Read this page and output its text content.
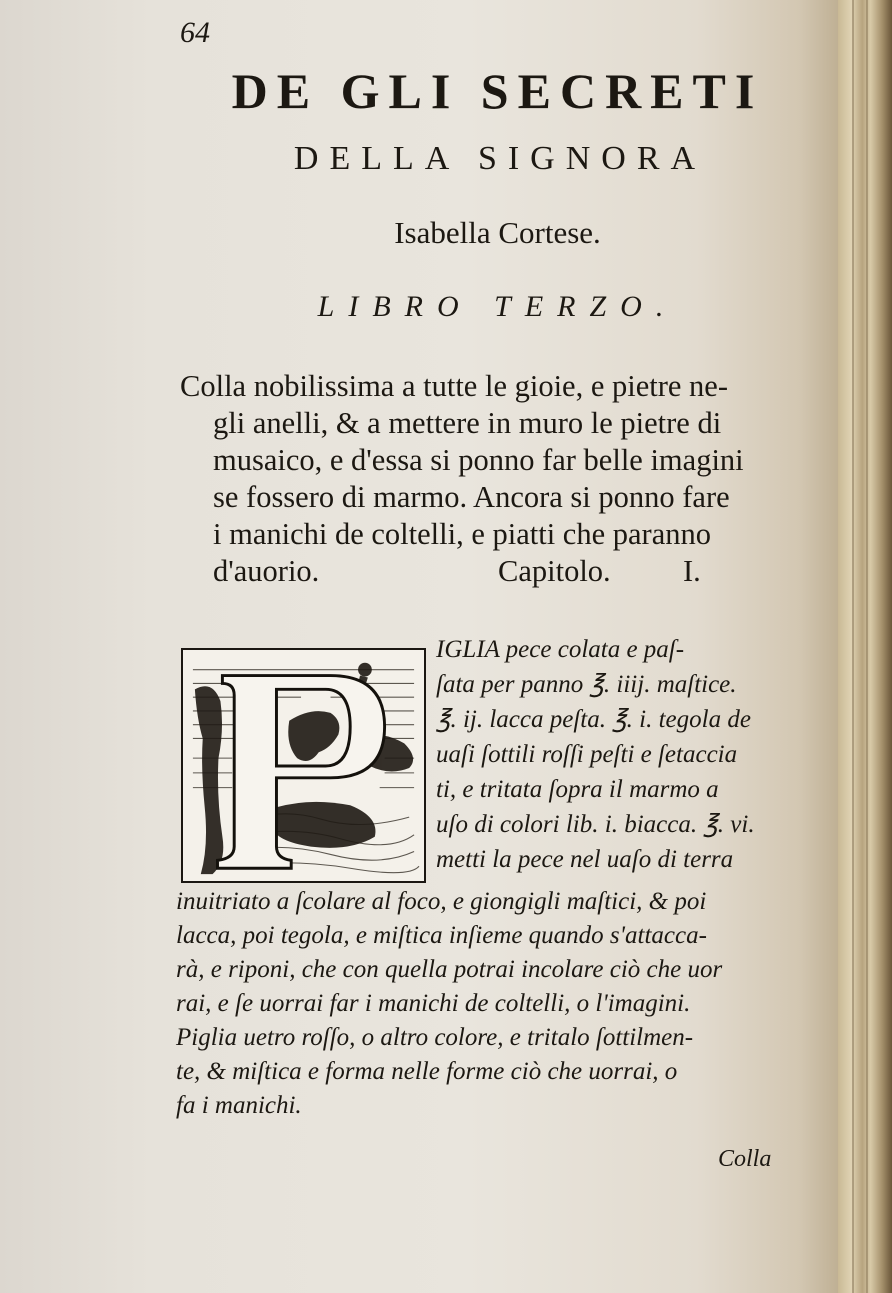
64
DE GLI SECRETI
DELLA SIGNORA
Isabella Cortese.
LIBRO TERZO.
Colla nobilissima a tutte le gioie, e pietre ne-
gli anelli, & a mettere in muro le pietre di
musaico, e d'essa si ponno far belle imagini
se fossero di marmo. Ancora si ponno fare
i manichi de coltelli, e piatti che paranno
d'auorio.	Capitolo. I.
IGLIA pece colata e paſ-
ſata per panno ℥. iiij. maſtice.
℥. ij. lacca peſta. ℥. i. tegola de
uaſi ſottili roſſi peſti e ſetaccia
ti, e tritata ſopra il marmo a
uſo di colori lib. i. biacca. ℥. vi.
metti la pece nel uaſo di terra
inuitriato a ſcolare al foco, e giongigli maſtici, & poi
lacca, poi tegola, e miſtica inſieme quando s'attacca-
rà, e riponi, che con quella potrai incolare ciò che uor
rai, e ſe uorrai far i manichi de coltelli, o l'imagini.
Piglia uetro roſſo, o altro colore, e tritalo ſottilmen-
te, & miſtica e forma nelle forme ciò che uorrai, o
fa i manichi.
Colla
